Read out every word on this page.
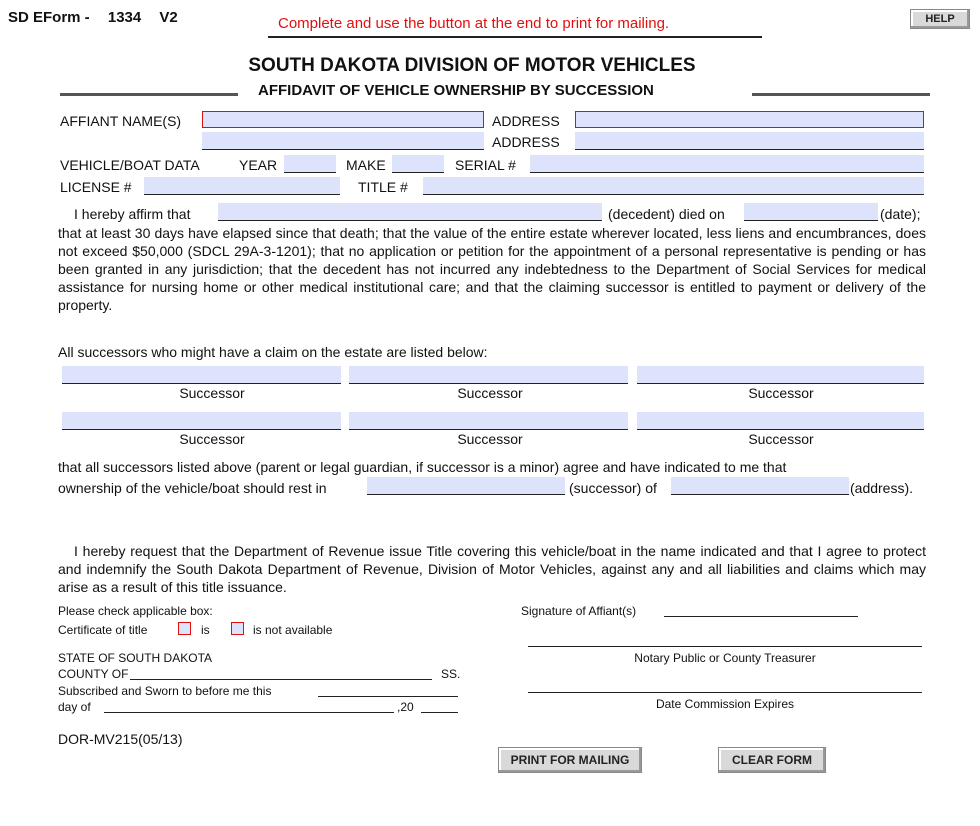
SD EForm - 1334 V2	Complete and use the button at the end to print for mailing.	HELP
SOUTH DAKOTA DIVISION OF MOTOR VEHICLES
AFFIDAVIT OF VEHICLE OWNERSHIP BY SUCCESSION
AFFIANT NAME(S)	ADDRESS
ADDRESS
VEHICLE/BOAT DATA	YEAR	MAKE	SERIAL #
LICENSE #	TITLE #
I hereby affirm that	(decedent) died on	(date);
that at least 30 days have elapsed since that death; that the value of the entire estate wherever located, less liens and encumbrances, does not exceed $50,000 (SDCL 29A-3-1201); that no application or petition for the appointment of a personal representative is pending or has been granted in any jurisdiction; that the decedent has not incurred any indebtedness to the Department of Social Services for medical assistance for nursing home or other medical institutional care; and that the claiming successor is entitled to payment or delivery of the property.
All successors who might have a claim on the estate are listed below:
Successor	Successor	Successor
Successor	Successor	Successor
that all successors listed above (parent or legal guardian, if successor is a minor) agree and have indicated to me that
ownership of the vehicle/boat should rest in	(successor) of	(address).
I hereby request that the Department of Revenue issue Title covering this vehicle/boat in the name indicated and that I agree to protect and indemnify the South Dakota Department of Revenue, Division of Motor Vehicles, against any and all liabilities and claims which may arise as a result of this title issuance.
Please check applicable box:
Certificate of title	is	is not available
Signature of Affiant(s)
Notary Public or County Treasurer
Date Commission Expires
STATE OF SOUTH DAKOTA
COUNTY OF	SS.
Subscribed and Sworn to before me this
day of	,20
DOR-MV215(05/13)
PRINT FOR MAILING	CLEAR FORM
